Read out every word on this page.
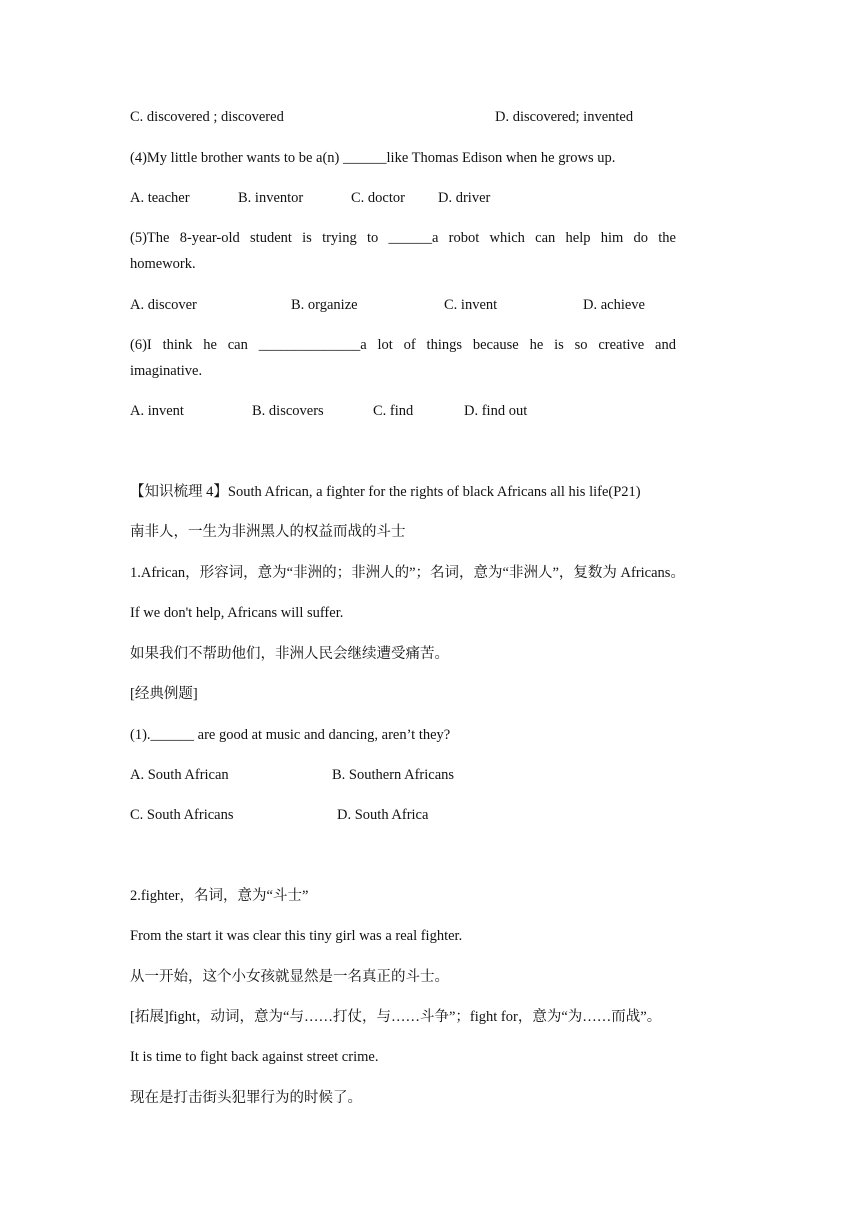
C. discovered ; discovered	D. discovered; invented
(4)My little brother wants to be a(n) ______like Thomas Edison when he grows up.
A. teacher	B. inventor	C. doctor D. driver
(5)The 8-year-old student is trying to ______a robot which can help him do the
homework.
A. discover	B. organize	C. invent	D. achieve
(6)I think he can ______________a lot of things because he is so creative and
imaginative.
A. invent	B. discovers	C. find	D. find out
【知识梳理 4】South African, a fighter for the rights of black Africans all his life(P21)
南非人，一生为非洲黑人的权益而战的斗士
1.African，形容词，意为“非洲的；非洲人的”；名词，意为“非洲人”，复数为 Africans。
If we don't help, Africans will suffer.
如果我们不帮助他们，非洲人民会继续遭受痛苦。
[经典例题]
(1).______ are good at music and dancing, aren’t they?
A. South African	B. Southern Africans
C. South Africans	D. South Africa
2.fighter，名词，意为“斗士”
From the start it was clear this tiny girl was a real fighter.
从一开始，这个小女孩就显然是一名真正的斗士。
[拓展]fight，动词，意为“与……打仗，与……斗争”；fight for，意为“为……而战”。
It is time to fight back against street crime.
现在是打击街头犯罪行为的时候了。
